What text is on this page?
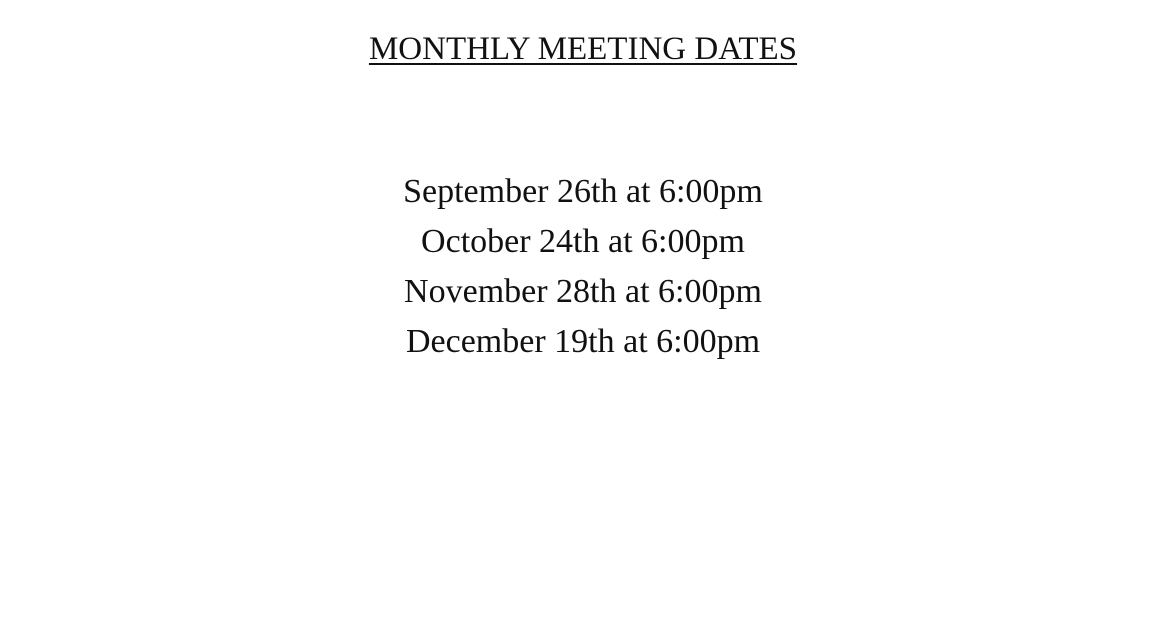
MONTHLY MEETING DATES
September 26th at 6:00pm
October 24th at 6:00pm
November 28th at 6:00pm
December 19th at 6:00pm
